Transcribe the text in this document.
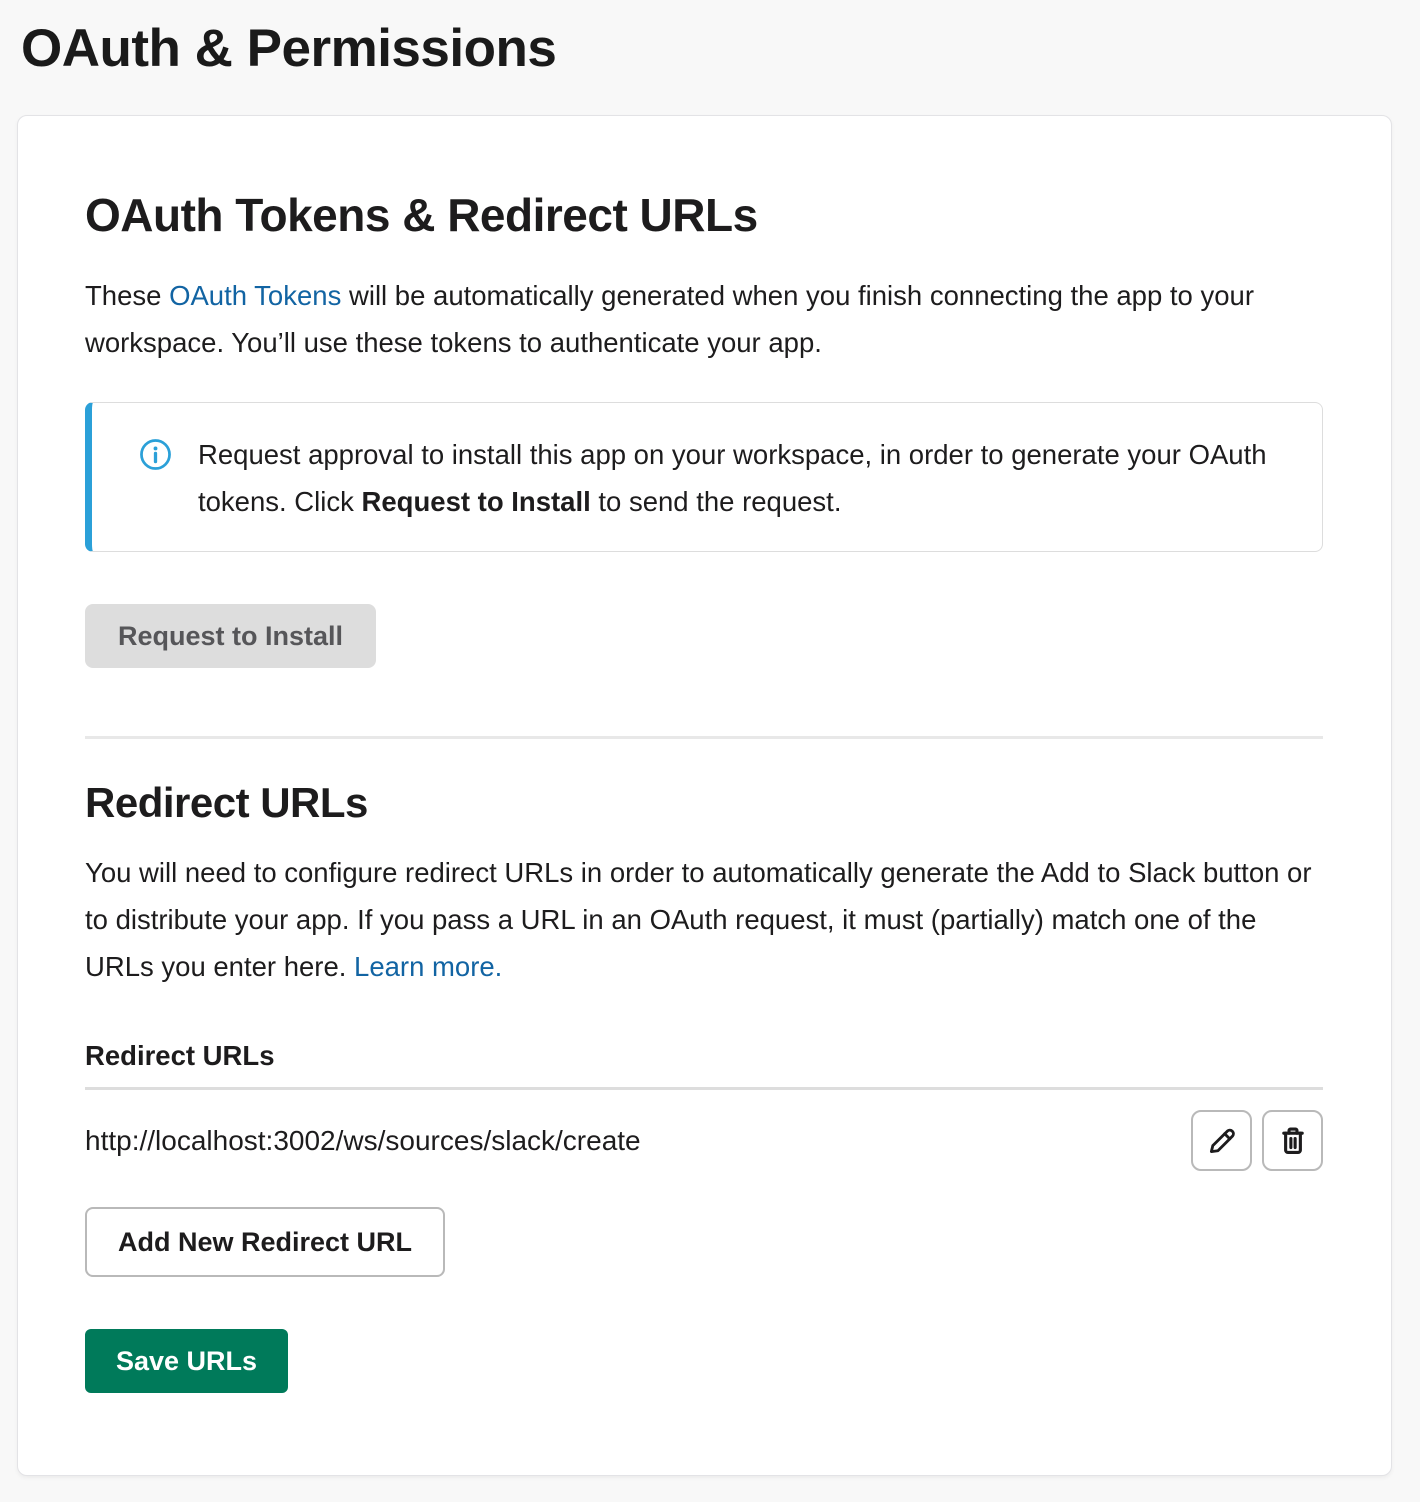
OAuth & Permissions
OAuth Tokens & Redirect URLs

These OAuth Tokens will be automatically generated when you finish connecting the app to your workspace. You’ll use these tokens to authenticate your app.

Request approval to install this app on your workspace, in order to generate your OAuth tokens. Click Request to Install to send the request.

Request to Install
Redirect URLs

You will need to configure redirect URLs in order to automatically generate the Add to Slack button or to distribute your app. If you pass a URL in an OAuth request, it must (partially) match one of the URLs you enter here. Learn more.

Redirect URLs
http://localhost:3002/ws/sources/slack/create
Add New Redirect URL
Save URLs
